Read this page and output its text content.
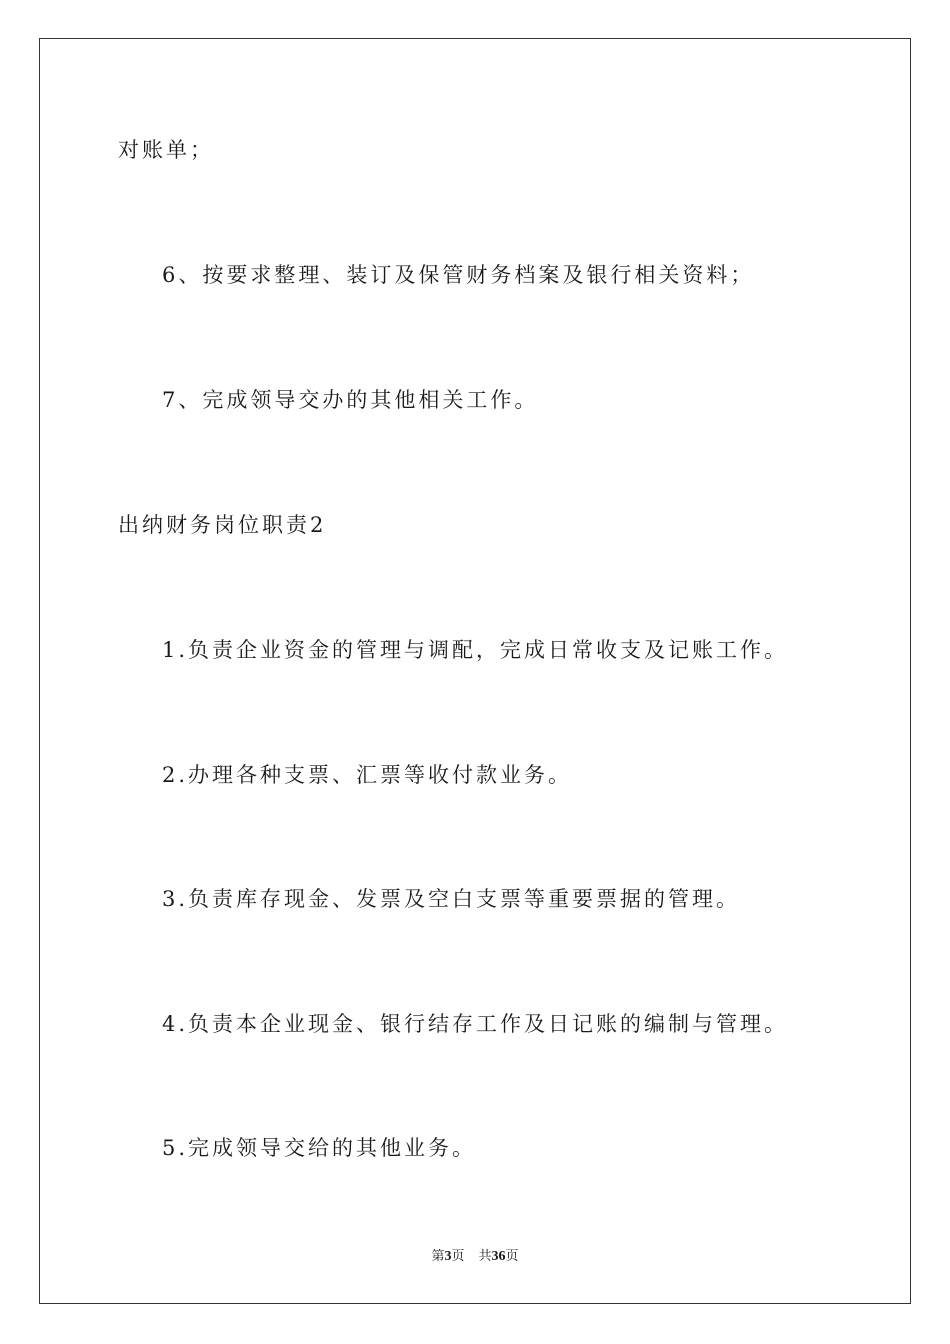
对账单；
6、按要求整理、装订及保管财务档案及银行相关资料；
7、完成领导交办的其他相关工作。
出纳财务岗位职责2
1.负责企业资金的管理与调配，完成日常收支及记账工作。
2.办理各种支票、汇票等收付款业务。
3.负责库存现金、发票及空白支票等重要票据的管理。
4.负责本企业现金、银行结存工作及日记账的编制与管理。
5.完成领导交给的其他业务。
第3页 共36页
